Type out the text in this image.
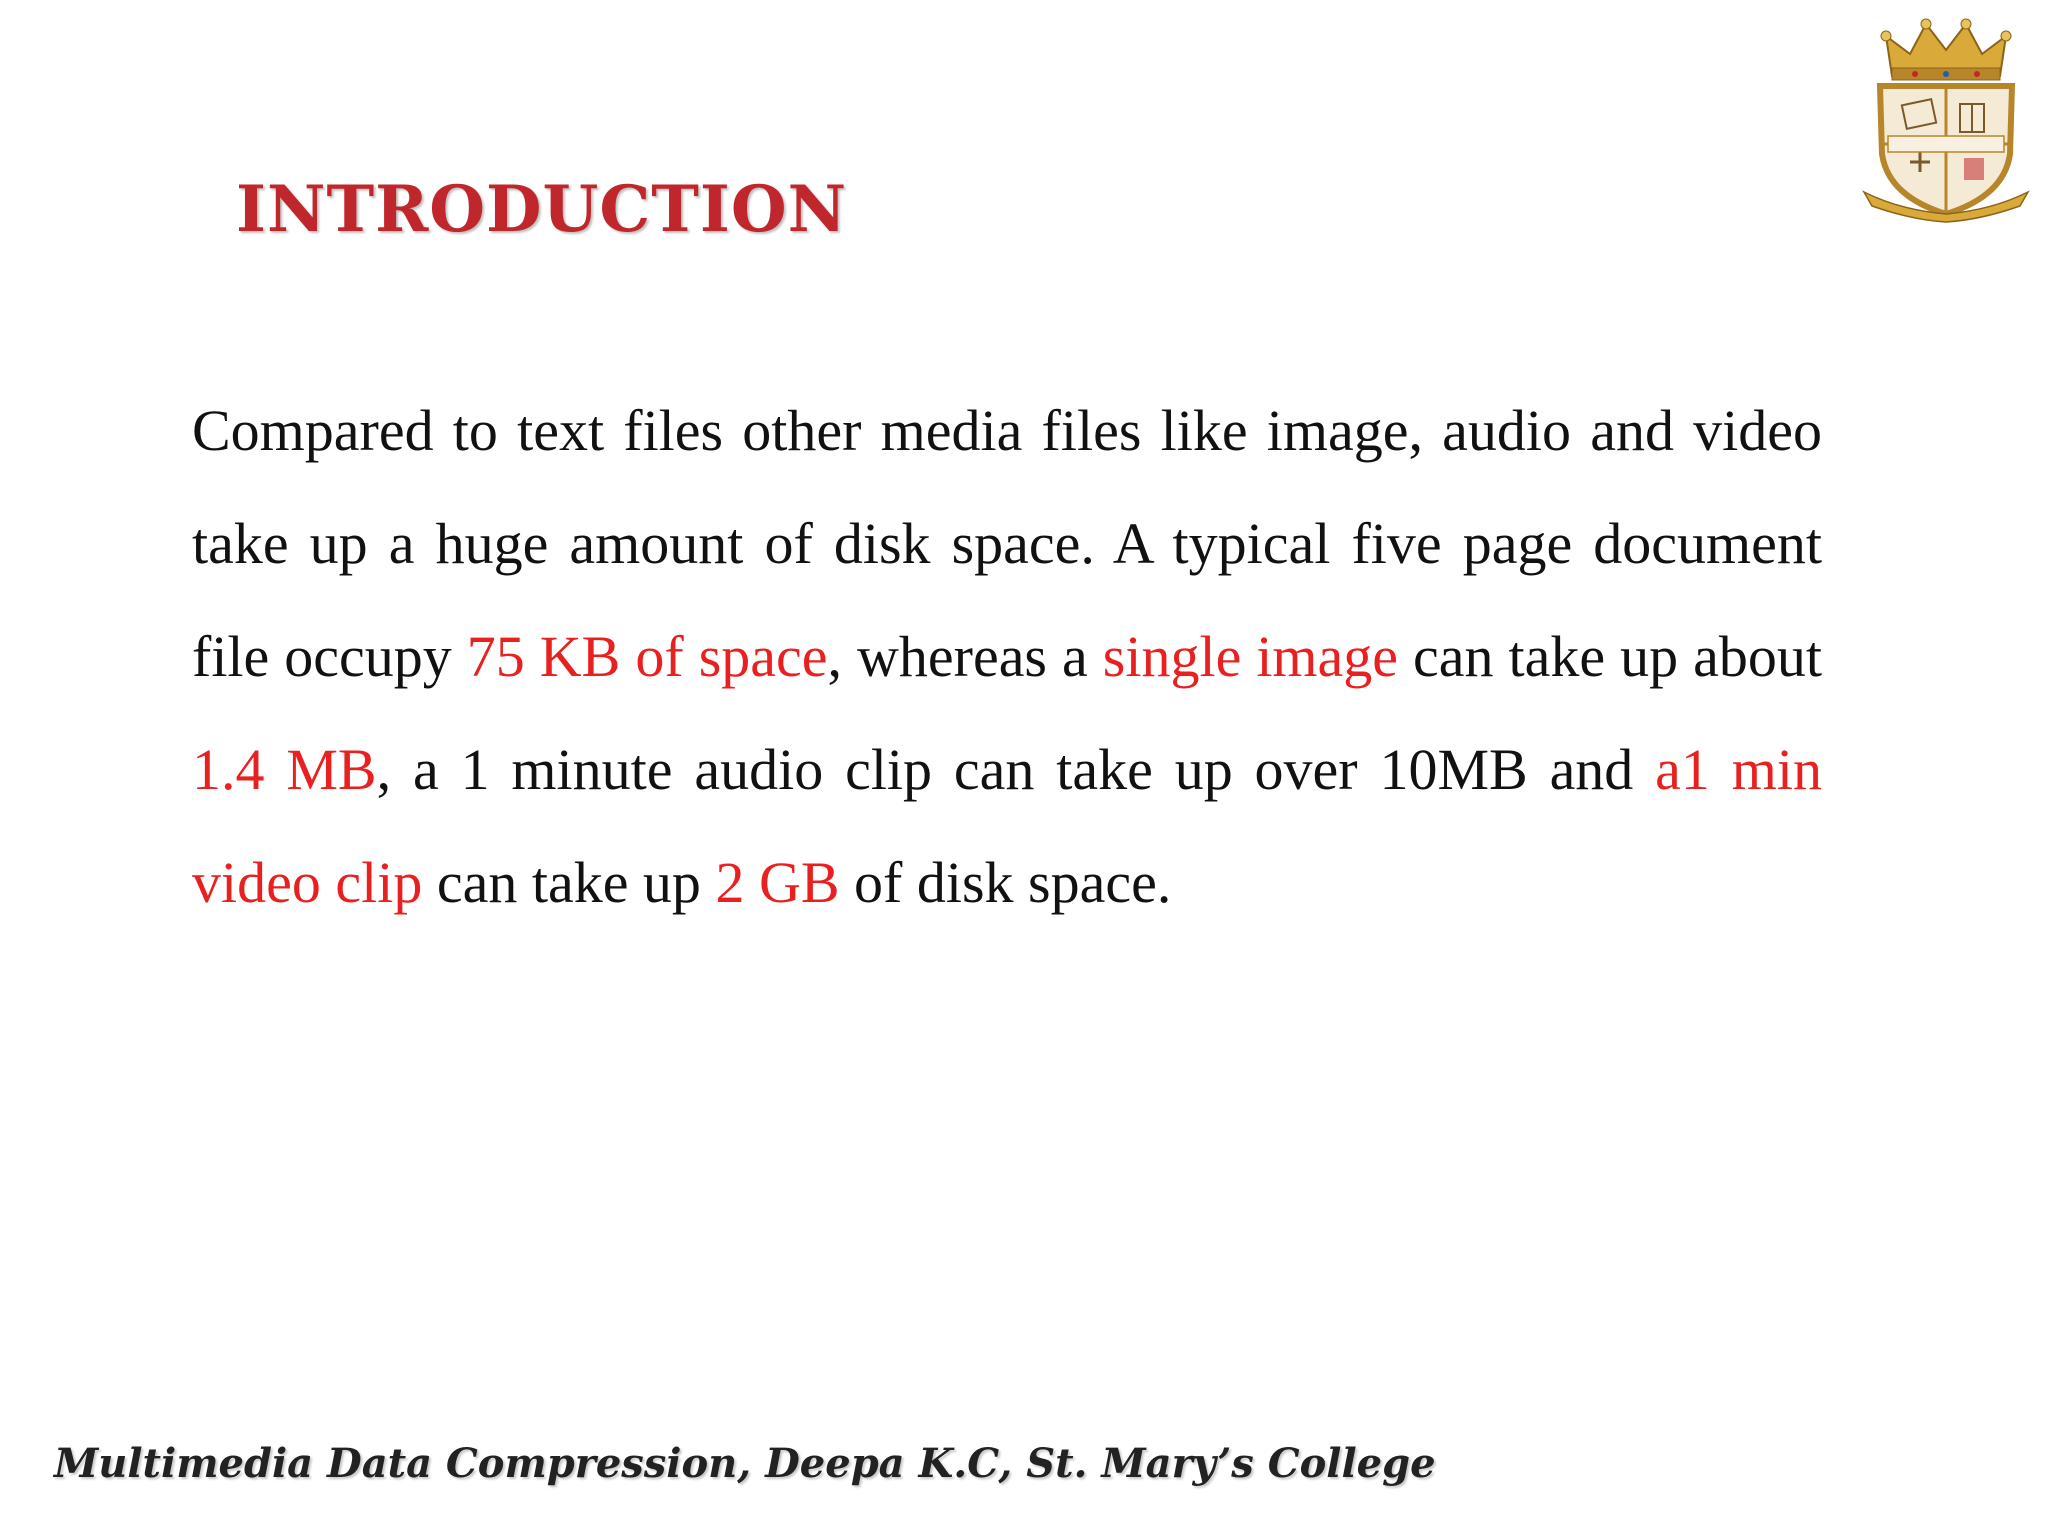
INTRODUCTION

Compared to text files other media files like image, audio and video take up a huge amount of disk space. A typical five page document file occupy 75 KB of space, whereas a single image can take up about 1.4 MB, a 1 minute audio clip can take up over 10MB and a1 min video clip can take up 2 GB of disk space.

Multimedia Data Compression, Deepa K.C, St. Mary’s College
